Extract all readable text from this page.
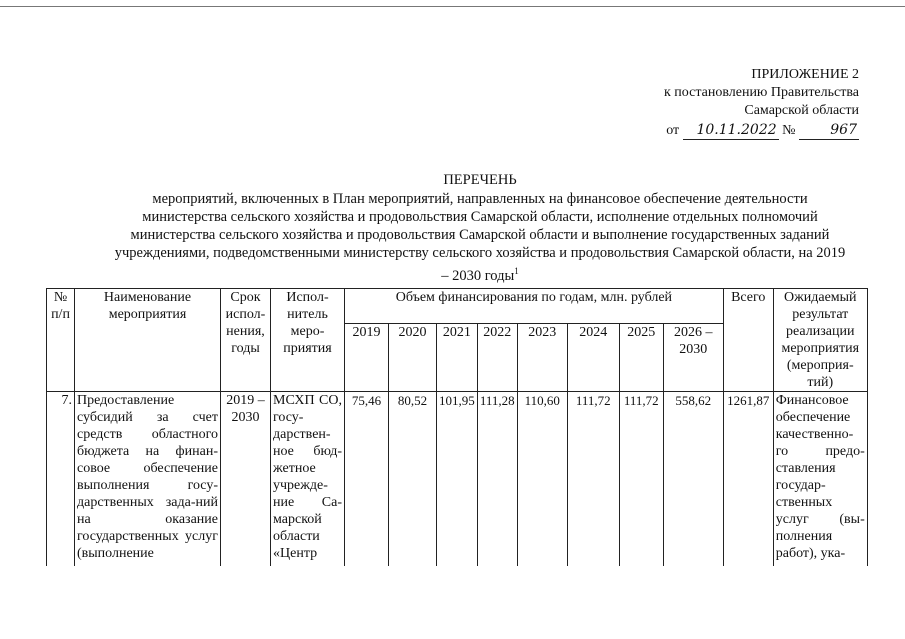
ПРИЛОЖЕНИЕ 2
к постановлению Правительства
Самарской области
от 10.11.2022 № 967
ПЕРЕЧЕНЬ
мероприятий, включенных в План мероприятий, направленных на финансовое обеспечение деятельности министерства сельского хозяйства и продовольствия Самарской области, исполнение отдельных полномочий министерства сельского хозяйства и продовольствия Самарской области и выполнение государственных заданий учреждениями, подведомственными министерству сельского хозяйства и продовольствия Самарской области, на 2019 – 2030 годы$^1$
№ п/п	Наименование мероприятия	Срок испол-нения, годы	Испол-нитель меро-приятия	Объем финансирования по годам, млн. рублей								Всего	Ожидаемый результат реализации мероприятия (мероприя-тий)
				2019	2020	2021	2022	2023	2024	2025	2026 – 2030		
7.	Предоставление субсидий за счет средств областного бюджета на финан-совое обеспечение выполнения госу-дарственных зада-ний на оказание государственных услуг (выполнение	2019 – 2030	МСХП СО, госу-дарствен-ное бюд-жетное учрежде-ние Са-марской области «Центр	75,46	80,52	101,95	111,28	110,60	111,72	111,72	558,62	1261,87	Финансовое обеспечение качественно-го предо-ставления государ-ственных услуг (вы-полнения работ), ука-
